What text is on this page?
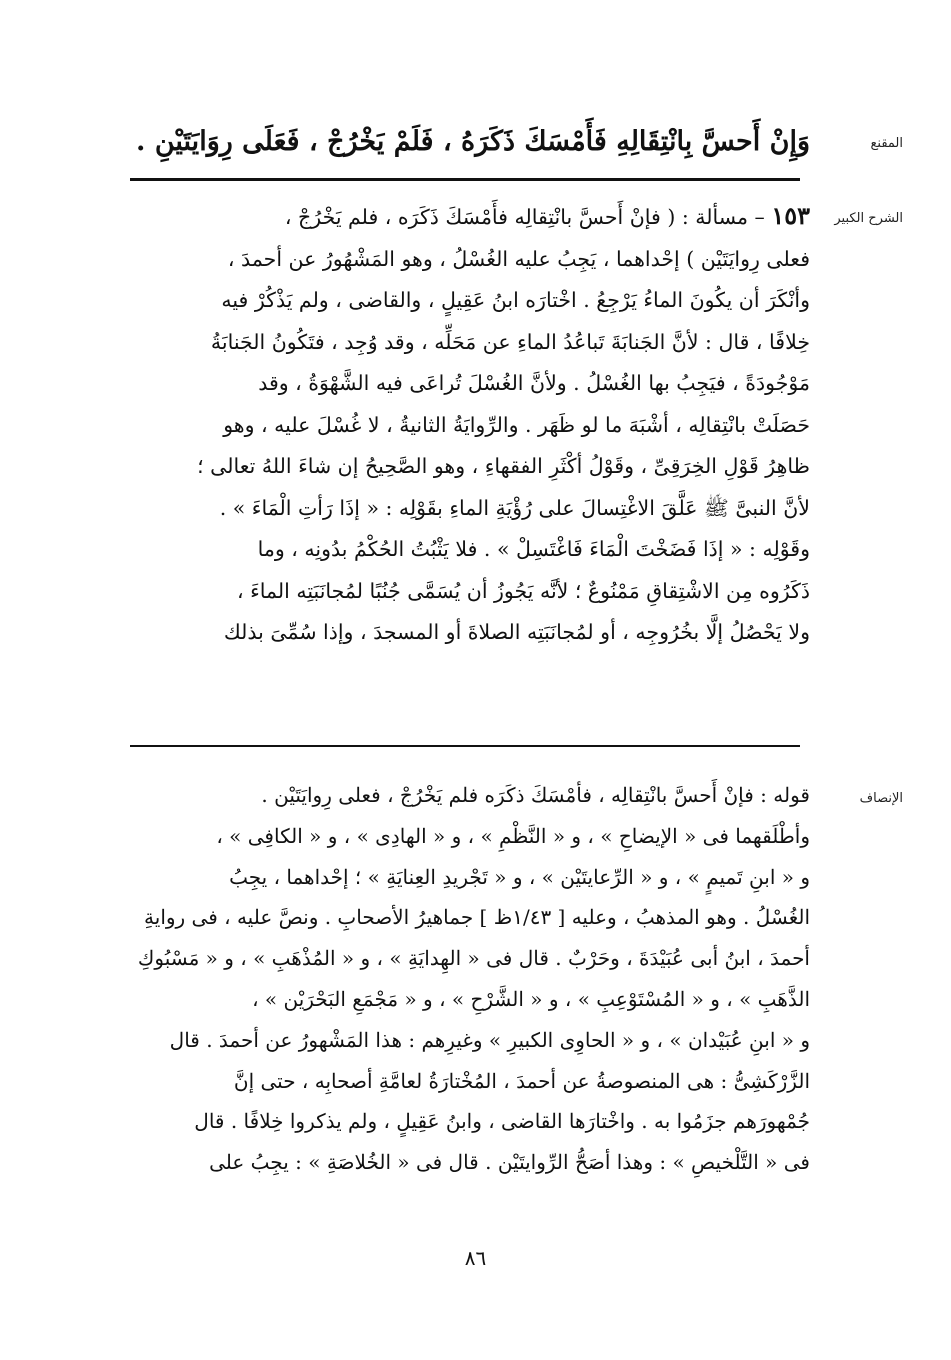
المقنع
وَإِنْ أَحسَّ بِانْتِقَالِهِ فَأَمْسَكَ ذَكَرَهُ ، فَلَمْ يَخْرُجْ ، فَعَلَى رِوَايَتَيْنِ .
الشرح الكبير
١٥٣ – مسألة : ( فإنْ أَحسَّ بانْتِقالِه فأَمْسَكَ ذَكَرَه ، فلم يَخْرُجْ ،
فعلى رِوايَتَيْن ) إحْداهما ، يَجِبُ عليه الغُسْلُ ، وهو المَشْهُورُ عن أحمدَ ،
وأنْكَرَ أن يكُونَ الماءُ يَرْجِعُ . اخْتارَه ابنُ عَقِيلٍ ، والقاضى ، ولم يَذْكُرْ فيه
خِلافًا ، قال : لأنَّ الجَنابَةَ تَباعُدُ الماءِ عن مَحَلِّه ، وقد وُجِد ، فتَكُونُ الجَنابَةُ
مَوْجُودَةً ، فيَجِبُ بها الغُسْلُ . ولأنَّ الغُسْلَ تُراعَى فيه الشَّهْوَةُ ، وقد
حَصَلَتْ بانْتِقالِه ، أشْبَهَ ما لو ظَهَر . والرِّوايَةُ الثانيةُ ، لا غُسْلَ عليه ، وهو
ظاهِرُ قَوْلِ الخِرَقِىِّ ، وقَوْلُ أكْثَرِ الفقهاءِ ، وهو الصَّحِيحُ إن شاءَ اللهُ تعالى ؛
لأنَّ النبىَّ ﷺ عَلَّقَ الاغْتِسالَ على رُؤْيَةِ الماءِ بقَوْلِه : « إذَا رَأتِ الْمَاءَ » .
وقَوْلِه : « إذَا فَضَخْتَ الْمَاءَ فَاغْتَسِلْ » . فلا يَثْبُتُ الحُكْمُ بدُونِه ، وما
ذَكَرُوه مِن الاشْتِقاقِ مَمْنُوعٌ ؛ لأنَّه يَجُوزُ أن يُسَمَّى جُنُبًا لمُجانَبَتِه الماءَ ،
ولا يَحْصُلُ إلَّا بخُرُوجِه ، أو لمُجانَبَتِه الصلاةَ أو المسجدَ ، وإذا سُمِّىَ بذلك
الإنصاف
قوله : فإنْ أَحسَّ بانْتِقالِه ، فأمْسَكَ ذكَرَه فلم يَخْرُجْ ، فعلى رِوايَتَيْن .
وأطْلَقهما فى « الإيضاحِ » ، و « النَّظْمِ » ، و « الهادِى » ، و « الكافِى » ،
و « ابنِ تَميمٍ » ، و « الرِّعايتَيْن » ، و « تَجْريدِ العِنايَةِ » ؛ إحْداهما ، يجِبُ
الغُسْلُ . وهو المذهبُ ، وعليه [ ١/٤٣ظ ] جماهيرُ الأصحابِ . ونصَّ عليه ، فى روايةِ
أحمدَ ، ابنُ أبى عُبَيْدَةَ ، وحَرْبٌ . قال فى « الهِدايَةِ » ، و « المُذْهَبِ » ، و « مَسْبُوكِ
الذَّهَبِ » ، و « المُسْتَوْعِبِ » ، و « الشَّرْحِ » ، و « مَجْمَعِ البَحْرَيْن » ،
و « ابنِ عُبَيْدان » ، و « الحاوِى الكبيرِ » وغيرِهم : هذا المَشْهورُ عن أحمدَ . قال
الزَّرْكَشِىُّ : هى المنصوصةُ عن أحمدَ ، المُخْتارَةُ لعامَّةِ أصحابِه ، حتى إنَّ
جُمْهورَهم جزَمُوا به . واخْتارَها القاضى ، وابنُ عَقِيلٍ ، ولم يذكروا خِلافًا . قال
فى « التَّلْخيصِ » : وهذا أصَحُّ الرِّوايتَيْن . قال فى « الخُلاصَةِ » : يجِبُ على
٨٦
